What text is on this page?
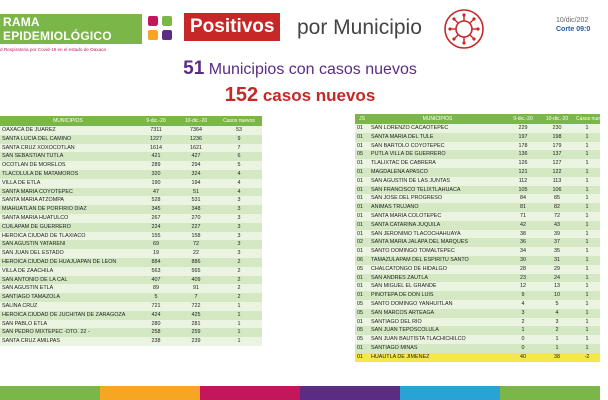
RAMA EPIDEMIOLÓGICO
d Respiratoria por Covid-19 en el estado de Oaxaca
Positivos por Municipio	10/dic/202
Corte 09:0
51 Municipios con casos nuevos
152 casos nuevos
MUNICIPIOS	9-dic.-20	10-dic.-20	Casos nuevos
OAXACA DE JUAREZ	7311	7364	53
SANTA LUCIA DEL CAMINO	1227	1236	9
SANTA CRUZ XOXOCOTLAN	1614	1621	7
SAN SEBASTIAN TUTLA	421	427	6
OCOTLAN DE MORELOS	289	294	5
TLACOLULA DE MATAMOROS	320	324	4
VILLA DE ETLA	190	194	4
SANTA MARIA COYOTEPEC	47	51	4
SANTA MARIA ATZOMPA	528	531	3
MIAHUATLAN DE PORFIRIO DIAZ	345	348	3
SANTA MARIA HUATULCO	267	270	3
CUILAPAM DE GUERRERO	224	227	3
HEROICA CIUDAD DE TLAXIACO	155	158	3
SAN AGUSTIN YATARENI	69	72	3
SAN JUAN DEL ESTADO	19	22	3
HEROICA CIUDAD DE HUAJUAPAN DE LEON	884	886	2
VILLA DE ZAACHILA	563	565	2
SAN ANTONIO DE LA CAL	407	409	2
SAN AGUSTIN ETLA	89	91	2
SANTIAGO TAMAZOLA	5	7	2
SALINA CRUZ	721	722	1
HEROICA CIUDAD DE JUCHITAN DE ZARAGOZA	424	425	1
SAN PABLO ETLA	280	281	1
SAN PEDRO MIXTEPEC -DTO. 22 -	258	259	1
SANTA CRUZ AMILPAS	238	239	1
JS	MUNICIPIOS	9-dic.-20	10-dic.-20	Casos nuevos
01	SAN LORENZO CACAOTEPEC	229	230	1
01	SANTA MARIA DEL TULE	197	198	1
01	SAN BARTOLO COYOTEPEC	178	179	1
05	PUTLA VILLA DE GUERRERO	136	137	1
01	TLALIXTAC DE CABRERA	126	127	1
01	MAGDALENA APASCO	121	122	1
01	SAN AGUSTIN DE LAS JUNTAS	112	113	1
01	SAN FRANCISCO TELIXTLAHUACA	105	106	1
01	SAN JOSE DEL PROGRESO	84	85	1
01	ANIMAS TRUJANO	81	82	1
01	SANTA MARIA COLOTEPEC	71	72	1
01	SANTA CATARINA JUQUILA	42	43	1
01	SAN JERONIMO TLACOCHAHUAYA	38	39	1
02	SANTA MARIA JALAPA DEL MARQUES	36	37	1
01	SANTO DOMINGO TOMALTEPEC	34	35	1
06	TAMAZULAPAM DEL ESPIRITU SANTO	30	31	1
05	CHALCATONGO DE HIDALGO	28	29	1
01	SAN ANDRES ZAUTLA	23	24	1
01	SAN MIGUEL EL GRANDE	12	13	1
01	PINOTEPA DE DON LUIS	9	10	1
05	SANTO DOMINGO YANHUITLAN	4	5	1
05	SAN MARCOS ARTEAGA	3	4	1
01	SANTIAGO DEL RIO	2	3	1
05	SAN JUAN TEPOSCOLULA	1	2	1
05	SAN JUAN BAUTISTA TLACHICHILCO	0	1	1
01	SANTIAGO MINAS	0	1	1
01	HUAUTLA DE JIMENEZ	40	38	-2
